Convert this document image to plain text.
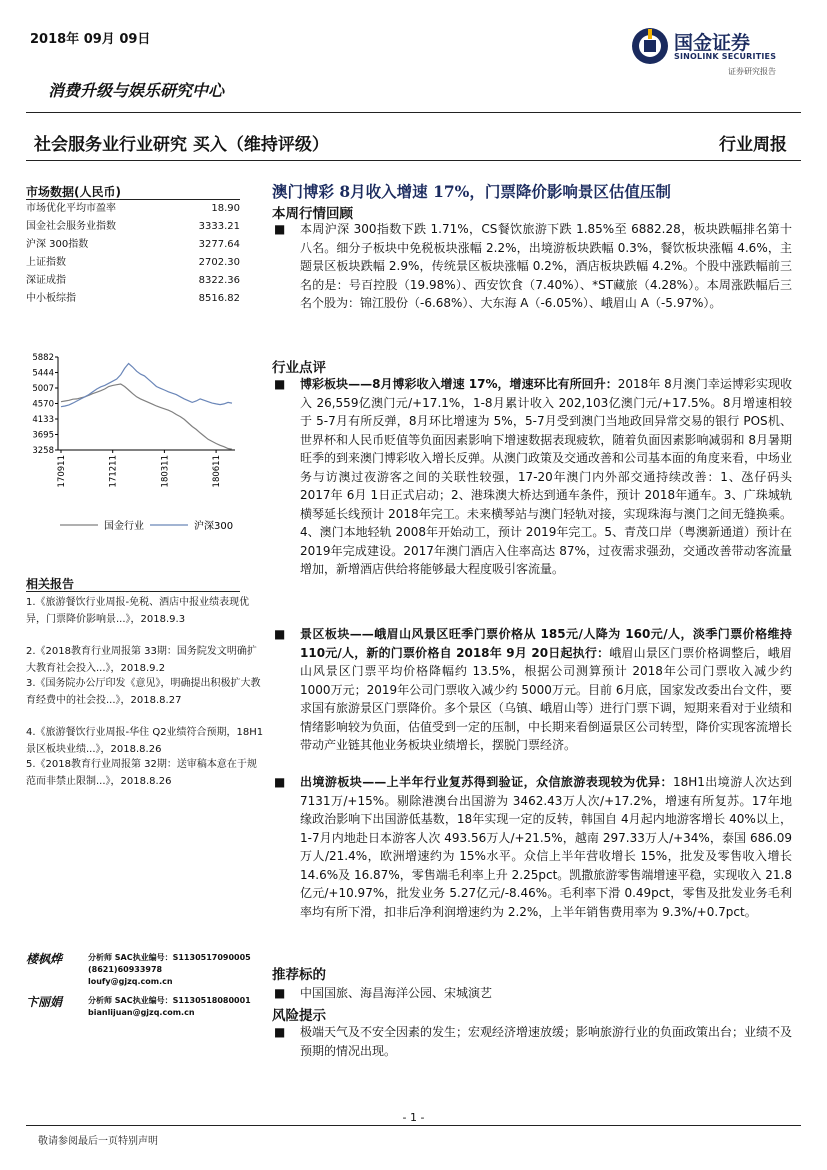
2018年 09月 09日	国金证券
SINOLINK SECURITIES
证券研究报告
消费升级与娱乐研究中心
社会服务业行业研究 买入（维持评级）	行业周报
市场数据(人民币)
市场优化平均市盈率	18.90
国金社会服务业指数	3333.21
沪深 300指数	3277.64
上证指数	2702.30
深证成指	8322.36
中小板综指	8516.82
5882
5444
5007
4570
4133
3695
3258
170911	171211	180311	180611
国金行业	沪深300
相关报告
1.《旅游餐饮行业周报-免税、酒店中报业绩表现优异，门票降价影响景...》，2018.9.3
2.《2018教育行业周报第 33期：国务院发文明确扩大教育社会投入...》，2018.9.2
3.《国务院办公厅印发《意见》，明确提出积极扩大教育经费中的社会投...》，2018.8.27
4.《旅游餐饮行业周报-华住 Q2业绩符合预期，18H1景区板块业绩...》，2018.8.26
5.《2018教育行业周报第 32期：送审稿本意在于规范而非禁止限制...》，2018.8.26
楼枫烨	分析师 SAC执业编号：S1130517090005
(8621)60933978
loufy@gjzq.com.cn
卞丽娟	分析师 SAC执业编号：S1130518080001
bianlijuan@gjzq.com.cn
澳门博彩 8月收入增速 17%，门票降价影响景区估值压制
本周行情回顾
■ 本周沪深 300指数下跌 1.71%，CS餐饮旅游下跌 1.85%至 6882.28，板块跌幅排名第十八名。细分子板块中免税板块涨幅 2.2%，出境游板块跌幅 0.3%，餐饮板块涨幅 4.6%，主题景区板块跌幅 2.9%，传统景区板块涨幅 0.2%，酒店板块跌幅 4.2%。个股中涨跌幅前三名的是：号百控股（19.98%）、西安饮食（7.40%）、*ST藏旅（4.28%）。本周涨跌幅后三名个股为：锦江股份（-6.68%）、大东海 A（-6.05%）、峨眉山 A（-5.97%）。
行业点评
■ 博彩板块——8月博彩收入增速 17%，增速环比有所回升：2018年 8月澳门幸运博彩实现收入 26,559亿澳门元/+17.1%，1-8月累计收入 202,103亿澳门元/+17.5%。8月增速相较于 5-7月有所反弹，8月环比增速为 5%，5-7月受到澳门当地政回异常交易的银行 POS机、世界杯和人民币贬值等负面因素影响下增速数据表现疲软，随着负面因素影响减弱和 8月暑期旺季的到来澳门博彩收入增长反弹。从澳门政策及交通改善和公司基本面的角度来看，中场业务与访澳过夜游客之间的关联性较强，17-20年澳门内外部交通持续改善：1、氹仔码头 2017年 6月 1日正式启动；2、港珠澳大桥达到通车条件，预计 2018年通车。3、广珠城轨横琴延长线预计 2018年完工。未来横琴站与澳门轻轨对接，实现珠海与澳门之间无缝换乘。4、澳门本地轻轨 2008年开始动工，预计 2019年完工。5、青茂口岸（粤澳新通道）预计在 2019年完成建设。2017年澳门酒店入住率高达 87%，过夜需求强劲，交通改善带动客流量增加，新增酒店供给将能够最大程度吸引客流量。
■ 景区板块——峨眉山风景区旺季门票价格从 185元/人降为 160元/人，淡季门票价格维持 110元/人，新的门票价格自 2018年 9月 20日起执行：峨眉山景区门票价格调整后，峨眉山风景区门票平均价格降幅约 13.5%，根据公司测算预计 2018年公司门票收入减少约 1000万元；2019年公司门票收入减少约 5000万元。目前 6月底，国家发改委出台文件，要求国有旅游景区门票降价。多个景区（乌镇、峨眉山等）进行门票下调，短期来看对于业绩和情绪影响较为负面，估值受到一定的压制，中长期来看倒逼景区公司转型，降价实现客流增长带动产业链其他业务板块业绩增长，摆脱门票经济。
■ 出境游板块——上半年行业复苏得到验证，众信旅游表现较为优异：18H1出境游人次达到 7131万/+15%。剔除港澳台出国游为 3462.43万人次/+17.2%，增速有所复苏。17年地缘政治影响下出国游低基数，18年实现一定的反转，韩国自 4月起内地游客增长 40%以上，1-7月内地赴日本游客人次 493.56万人/+21.5%，越南 297.33万人/+34%，泰国 686.09万人/21.4%，欧洲增速约为 15%水平。众信上半年营收增长 15%，批发及零售收入增长 14.6%及 16.87%，零售端毛利率上升 2.25pct。凯撒旅游零售端增速平稳，实现收入 21.8亿元/+10.97%，批发业务 5.27亿元/-8.46%。毛利率下滑 0.49pct，零售及批发业务毛利率均有所下滑，扣非后净利润增速约为 2.2%，上半年销售费用率为 9.3%/+0.7pct。
推荐标的
■ 中国国旅、海昌海洋公园、宋城演艺
风险提示
■ 极端天气及不安全因素的发生；宏观经济增速放缓；影响旅游行业的负面政策出台；业绩不及预期的情况出现。
- 1 -
敬请参阅最后一页特别声明
